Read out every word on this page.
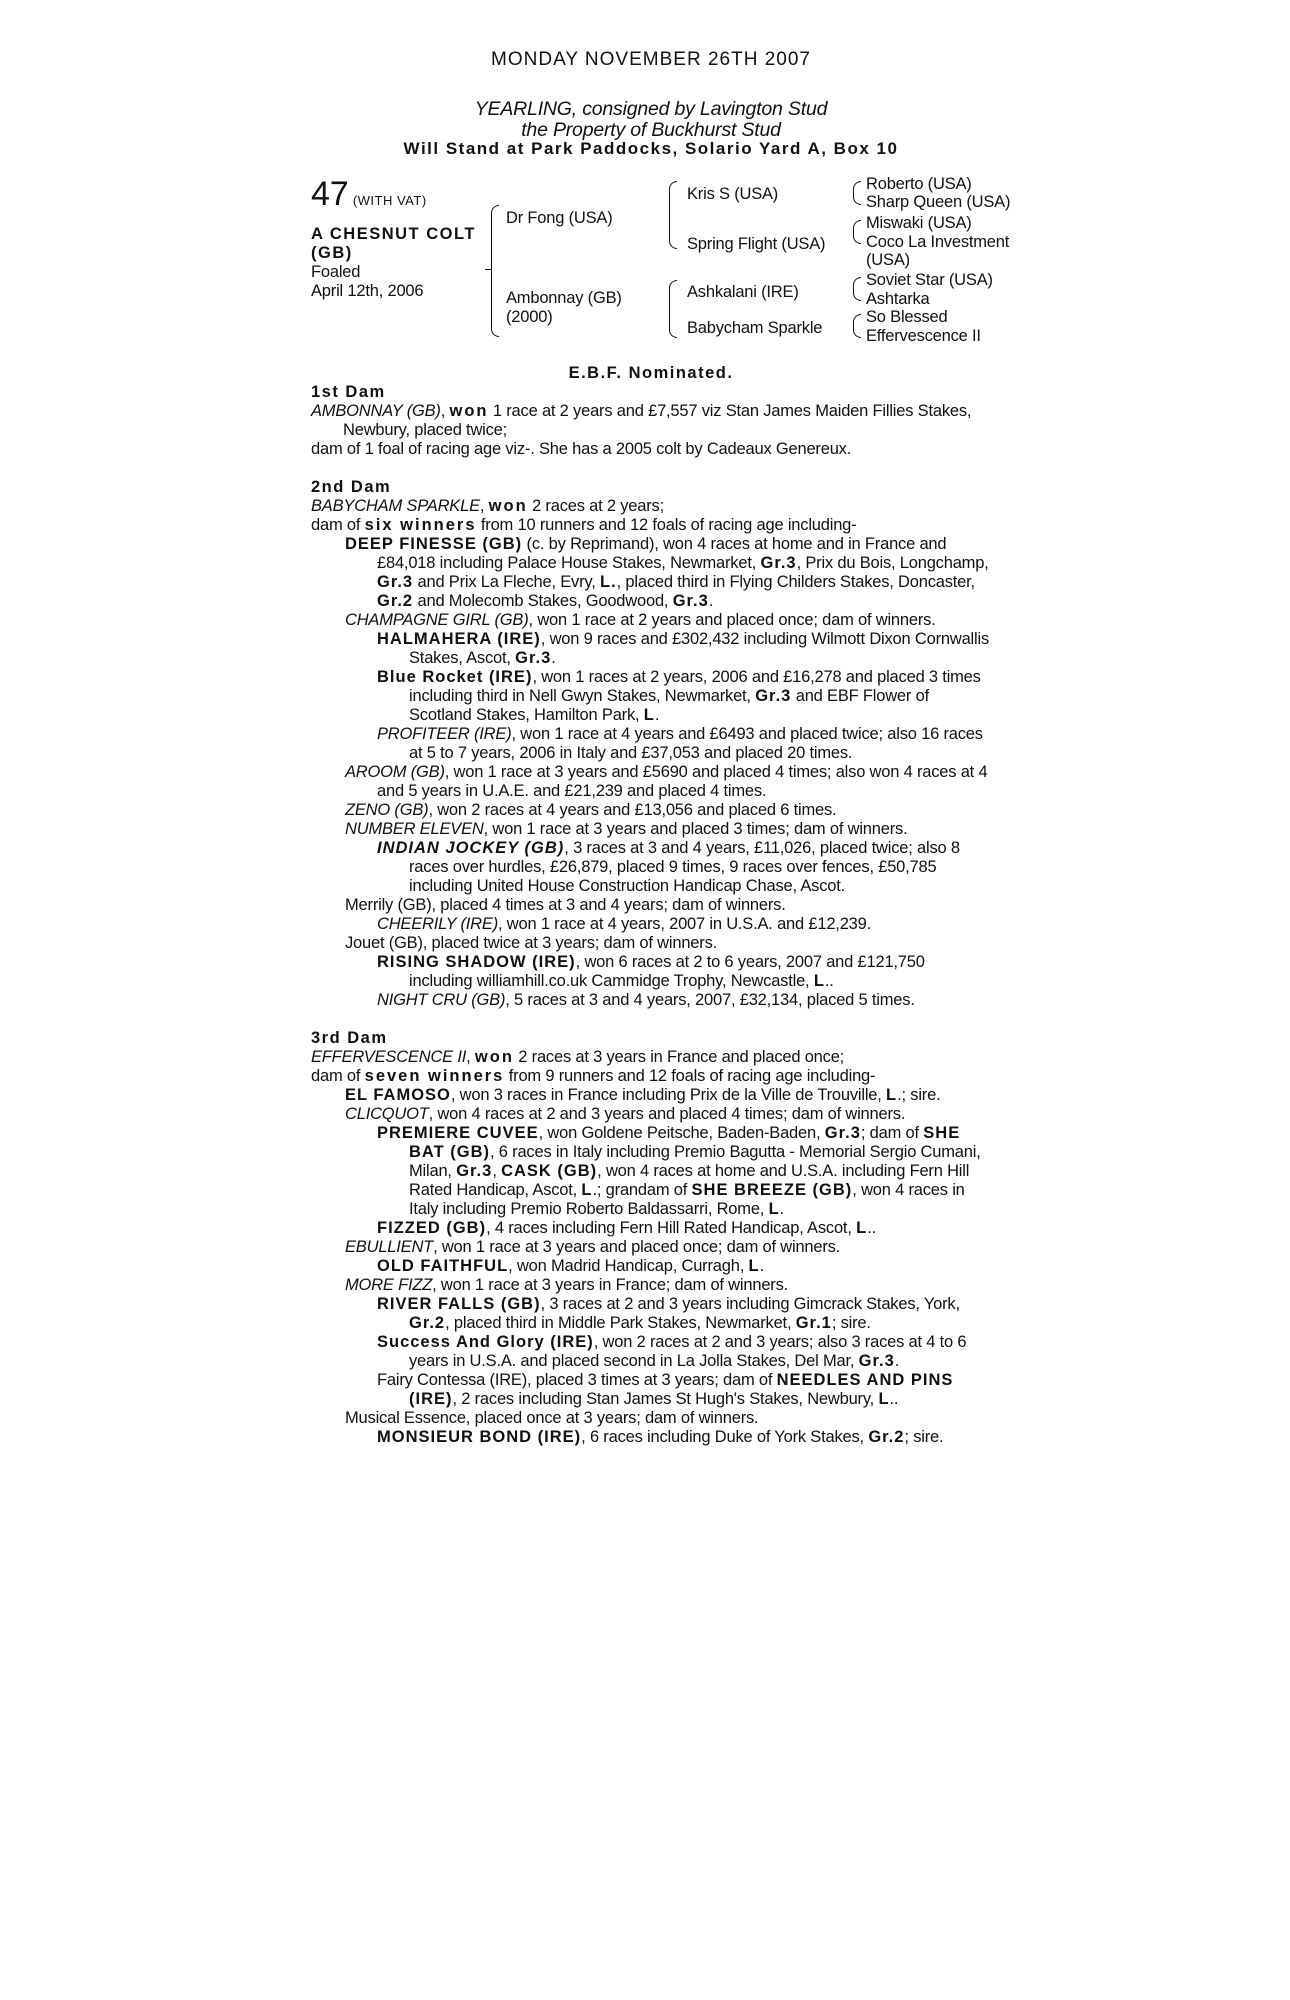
MONDAY NOVEMBER 26TH 2007
YEARLING, consigned by Lavington Stud
the Property of Buckhurst Stud
Will Stand at Park Paddocks, Solario Yard A, Box 10
47 (WITH VAT)
A CHESNUT COLT
(GB)
Foaled
April 12th, 2006
Dr Fong (USA)
Ambonnay (GB)
(2000)
Kris S (USA)
Spring Flight (USA)
Ashkalani (IRE)
Babycham Sparkle
Roberto (USA)
Sharp Queen (USA)
Miswaki (USA)
Coco La Investment
(USA)
Soviet Star (USA)
Ashtarka
So Blessed
Effervescence II
E.B.F. Nominated.
1st Dam

AMBONNAY (GB), won 1 race at 2 years and £7,557 viz Stan James Maiden Fillies Stakes, Newbury, placed twice;

dam of 1 foal of racing age viz-. She has a 2005 colt by Cadeaux Genereux.

2nd Dam

BABYCHAM SPARKLE, won 2 races at 2 years;

dam of six winners from 10 runners and 12 foals of racing age including-

DEEP FINESSE (GB) (c. by Reprimand), won 4 races at home and in France and £84,018 including Palace House Stakes, Newmarket, Gr.3, Prix du Bois, Longchamp, Gr.3 and Prix La Fleche, Evry, L., placed third in Flying Childers Stakes, Doncaster, Gr.2 and Molecomb Stakes, Goodwood, Gr.3.

CHAMPAGNE GIRL (GB), won 1 race at 2 years and placed once; dam of winners.

HALMAHERA (IRE), won 9 races and £302,432 including Wilmott Dixon Cornwallis Stakes, Ascot, Gr.3.

Blue Rocket (IRE), won 1 races at 2 years, 2006 and £16,278 and placed 3 times including third in Nell Gwyn Stakes, Newmarket, Gr.3 and EBF Flower of Scotland Stakes, Hamilton Park, L.

PROFITEER (IRE), won 1 race at 4 years and £6493 and placed twice; also 16 races at 5 to 7 years, 2006 in Italy and £37,053 and placed 20 times.

AROOM (GB), won 1 race at 3 years and £5690 and placed 4 times; also won 4 races at 4 and 5 years in U.A.E. and £21,239 and placed 4 times.

ZENO (GB), won 2 races at 4 years and £13,056 and placed 6 times.

NUMBER ELEVEN, won 1 race at 3 years and placed 3 times; dam of winners.

INDIAN JOCKEY (GB), 3 races at 3 and 4 years, £11,026, placed twice; also 8 races over hurdles, £26,879, placed 9 times, 9 races over fences, £50,785 including United House Construction Handicap Chase, Ascot.

Merrily (GB), placed 4 times at 3 and 4 years; dam of winners.

CHEERILY (IRE), won 1 race at 4 years, 2007 in U.S.A. and £12,239.

Jouet (GB), placed twice at 3 years; dam of winners.

RISING SHADOW (IRE), won 6 races at 2 to 6 years, 2007 and £121,750 including williamhill.co.uk Cammidge Trophy, Newcastle, L..

NIGHT CRU (GB), 5 races at 3 and 4 years, 2007, £32,134, placed 5 times.

3rd Dam

EFFERVESCENCE II, won 2 races at 3 years in France and placed once;

dam of seven winners from 9 runners and 12 foals of racing age including-

EL FAMOSO, won 3 races in France including Prix de la Ville de Trouville, L.; sire.

CLICQUOT, won 4 races at 2 and 3 years and placed 4 times; dam of winners.

PREMIERE CUVEE, won Goldene Peitsche, Baden-Baden, Gr.3; dam of SHE BAT (GB), 6 races in Italy including Premio Bagutta - Memorial Sergio Cumani, Milan, Gr.3, CASK (GB), won 4 races at home and U.S.A. including Fern Hill Rated Handicap, Ascot, L.; grandam of SHE BREEZE (GB), won 4 races in Italy including Premio Roberto Baldassarri, Rome, L.

FIZZED (GB), 4 races including Fern Hill Rated Handicap, Ascot, L..

EBULLIENT, won 1 race at 3 years and placed once; dam of winners.

OLD FAITHFUL, won Madrid Handicap, Curragh, L.

MORE FIZZ, won 1 race at 3 years in France; dam of winners.

RIVER FALLS (GB), 3 races at 2 and 3 years including Gimcrack Stakes, York, Gr.2, placed third in Middle Park Stakes, Newmarket, Gr.1; sire.

Success And Glory (IRE), won 2 races at 2 and 3 years; also 3 races at 4 to 6 years in U.S.A. and placed second in La Jolla Stakes, Del Mar, Gr.3.

Fairy Contessa (IRE), placed 3 times at 3 years; dam of NEEDLES AND PINS (IRE), 2 races including Stan James St Hugh's Stakes, Newbury, L..

Musical Essence, placed once at 3 years; dam of winners.

MONSIEUR BOND (IRE), 6 races including Duke of York Stakes, Gr.2; sire.
